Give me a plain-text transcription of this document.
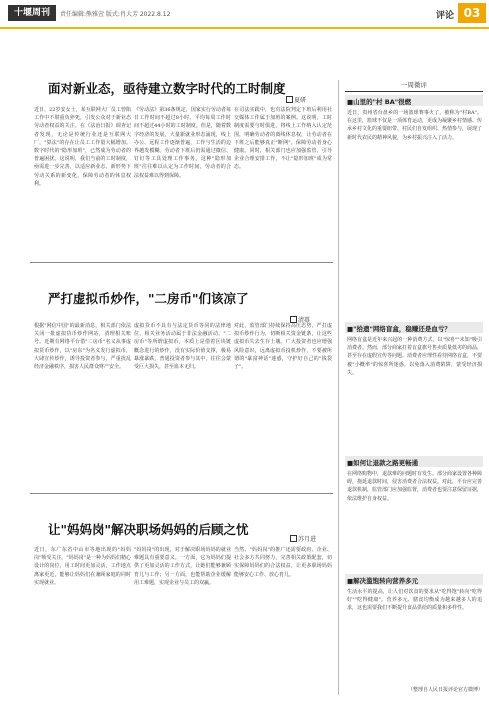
十堰周刊	责任编辑:熊雅萱 版式:肖大芳 2022.8.12	评论 03
面对新业态，亟待建立数字时代的工时制度
夏研
近日，22岁安女士，某互联网大厂员工曾陷工作中不堪重负猝死，引发公众对于新业态劳动者权益的关注。在《法治日报》调查记者发现，无论是传统行业还是互联网大厂，"算法"的存在让员工工作量大幅增加。数字时代的"隐形加班"，已然成为劳动者的普遍困扰。这说明，我们当前的工时制度，亟需进一步完善，以适应新业态、新形势下劳动关系的新变化，保障劳动者的休息权利。
《劳动法》第36条规定，国家实行劳动者每日工作时间不超过8小时、平均每周工作时间不超过44小时的工时制度。但是，随着数字经济的发展，大量新就业形态涌现，线上办公、远程工作逐渐普遍，工作与生活的边界越发模糊。劳动者下班后仍需通过微信、钉钉等工具处理工作事务，这种"隐形加班"往往难以认定为工作时间，劳动者的合法权益难以得到保障。
在司法实践中，也有法院判定下班后利用社交媒体工作属于加班的案例。这说明，工时制度需要与时俱进，将线上工作纳入认定范围，明确劳动者的离线休息权，让劳动者在下班之后能够真正"断网"，保障劳动者身心健康。同时，相关部门也应加强监管，引导企业合理安排工作，不让"隐形加班"成为常态。
严打虚拟币炒作，"二房币"们该凉了
清薹
根据"网信中国"的最新消息，相关部门依法关闭一批虚拟货币炒作网站，清理相关账号。近期有网络平台借"二房币"名义从事虚拟货币炒作，以"房东"为名义发行虚拟币，大肆宣传炒作，诱导投资者参与，严重扰乱经济金融秩序，损害人民群众财产安全。
虚拟货币不具有与法定货币等同的法律地位，相关业务活动属于非法金融活动。"二房币"等所谓虚拟币，本质上是借着区块链概念进行的炒作，没有实际价值支撑，极易暴涨暴跌，普通投资者参与其中，往往会蒙受巨大损失，甚至血本无归。
对此，监管部门持续保持高压态势，严打虚拟币炒作行为，切断相关资金链条，让这些虚拟币失去生存土壤。广大投资者也应增强风险意识，远离虚拟币投机炒作，不要被所谓的"暴富神话"迷惑，守护好自己的"钱袋子"。
让"妈妈岗"解决职场妈妈的后顾之忧
苏月进
近日，东广东省中山市等地出现的"妈妈岗"频受关注。"妈妈岗"是一种为妈妈们精心设计的岗位，用工时间更加灵活，工作地点离家更近，能够让妈妈们在兼顾家庭的同时实现就业。
"妈妈岗"的出现，对于解决职场妈妈的就业难题具有重要意义。一方面，它为妈妈们提供了更加灵活的工作方式，让她们能够兼顾育儿与工作；另一方面，也能帮助企业缓解用工难题，实现企业与员工的双赢。
当然，"妈妈岗"的推广还需要政府、企业、社会多方共同努力，完善相关政策配套，切实保障妈妈们的合法权益，让更多职场妈妈能够安心工作、放心育儿。
一周微评
■山里的"村 BA"很燃
近日，贵州省台盘乡的一场篮球赛事火了，被称为"村BA"。在这里，篮球不仅是一项体育运动，更成为凝聚乡村情感、传承乡村文化的重要纽带。村民们自发组织、热情参与，展现了新时代农民的精神风貌，为乡村振兴注入了活力。
■"拾遗"网络盲盒，稳赚还是血亏？
网络盲盒是近年来兴起的一种消费方式，以"惊喜""未知"吸引消费者。然而，部分商家打着盲盒旗号售卖质量低劣的商品，甚至存在虚假宣传等问题。消费者应理性看待网络盲盒，不要被"小概率"的惊喜所迷惑，以免落入消费陷阱，蒙受经济损失。
■如何让退款之路更畅通
在网络购物中，退款难的问题时有发生。部分商家设置各种障碍，拖延退款时间，侵害消费者合法权益。对此，平台应完善退款机制，监管部门应加强监督，消费者也要注意保留证据，依法维护自身权益。
■解决滥饱转向营养多元
生活水平的提高，让人们对饮食的要求从"吃得饱"转向"吃得好""吃得健康"。营养多元、膳食均衡成为越来越多人的追求，这也需要我们不断提升食品供给的质量和多样性。
（整理自人民日报评论官方微博）
